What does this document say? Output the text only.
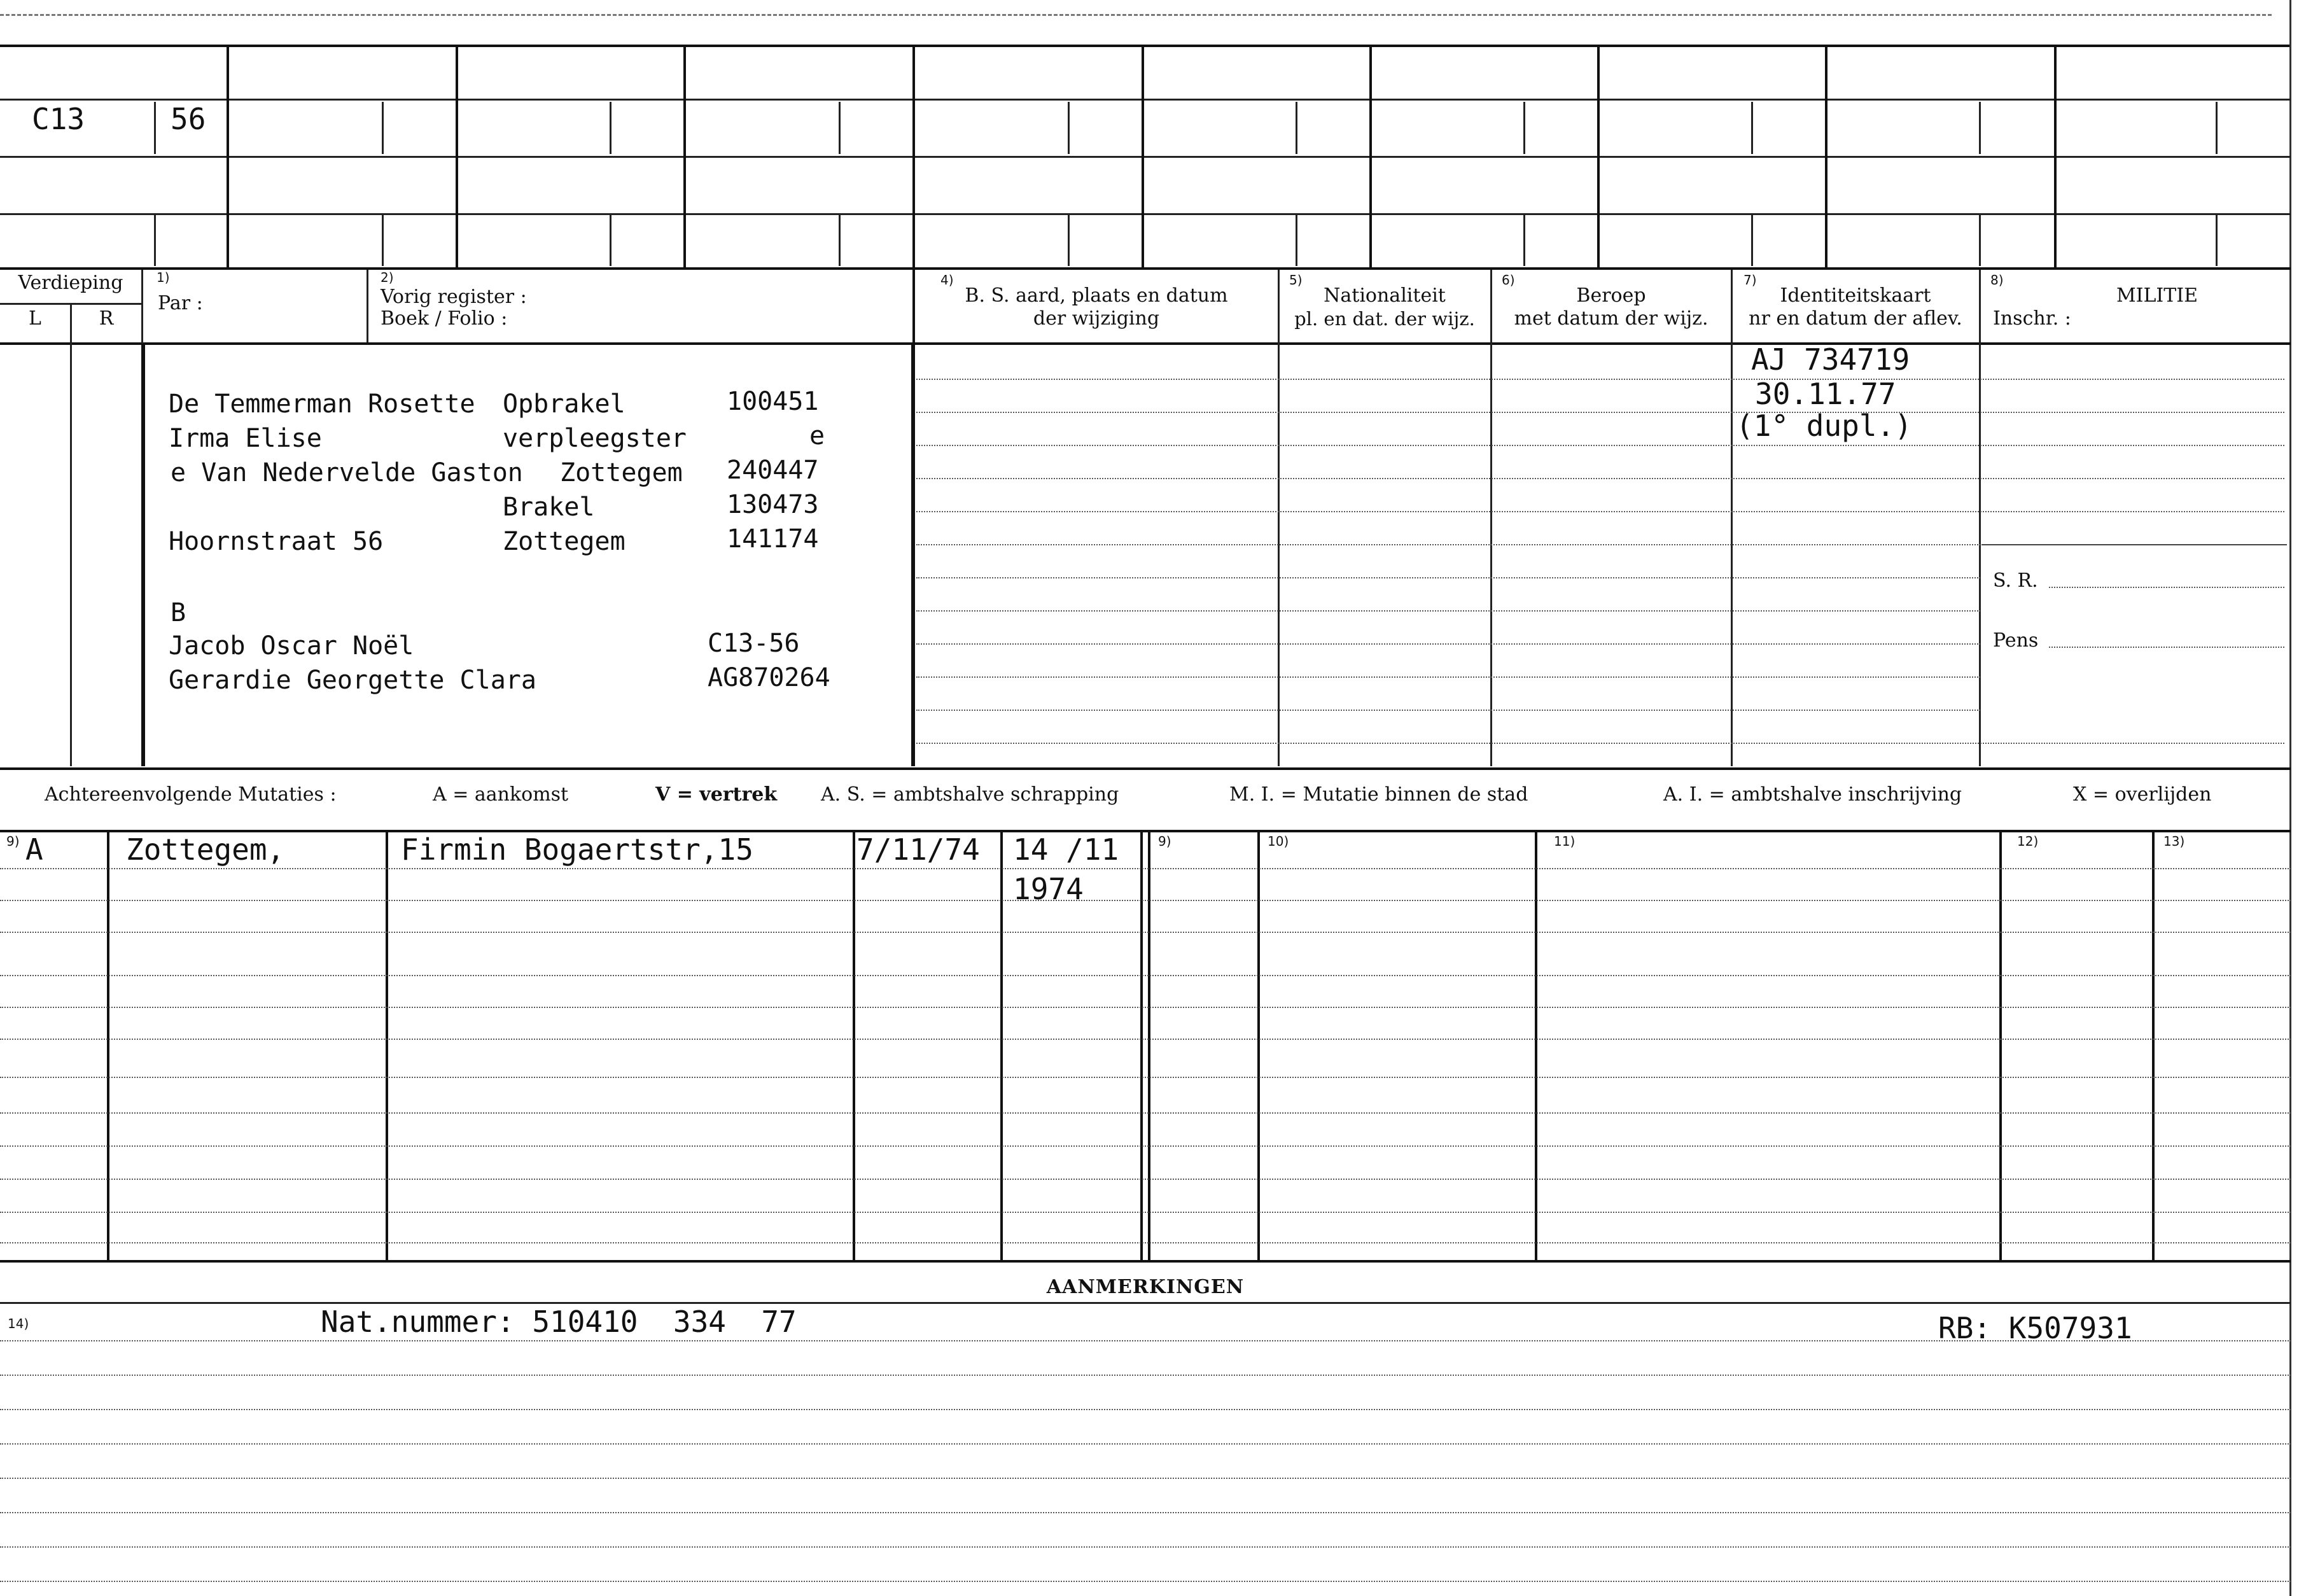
C13	56
Verdieping
L	R
1)
Par :
2)
Vorig register :
Boek / Folio :
4)
B. S. aard, plaats en datum
der wijziging
5)
Nationaliteit
pl. en dat. der wijz.
6)
Beroep
met datum der wijz.
7)
Identiteitskaart
nr en datum der aflev.
8)
MILITIE
Inschr. :
S. R.
Pens
De Temmerman Rosette Opbrakel	100451
Irma Elise	verpleegster	e
e Van Nedervelde Gaston Zottegem 240447
Brakel	130473
Hoornstraat 56	Zottegem	141174
B
Jacob Oscar Noël	C13-56
Gerardie Georgette Clara	AG870264
AJ 734719
30.11.77
(1° dupl.)
Achtereenvolgende Mutaties :	A = aankomst	V = vertrek A. S. = ambtshalve schrapping	M. I. = Mutatie binnen de stad	A. I. = ambtshalve inschrijving	X = overlijden
9)	9)	10)	11)	12)	13)
A	Zottegem,	Firmin Bogaertstr,15	7/11/74 14 /11
1974
AANMERKINGEN
14)	Nat.nummer: 510410  334  77	RB: K507931
